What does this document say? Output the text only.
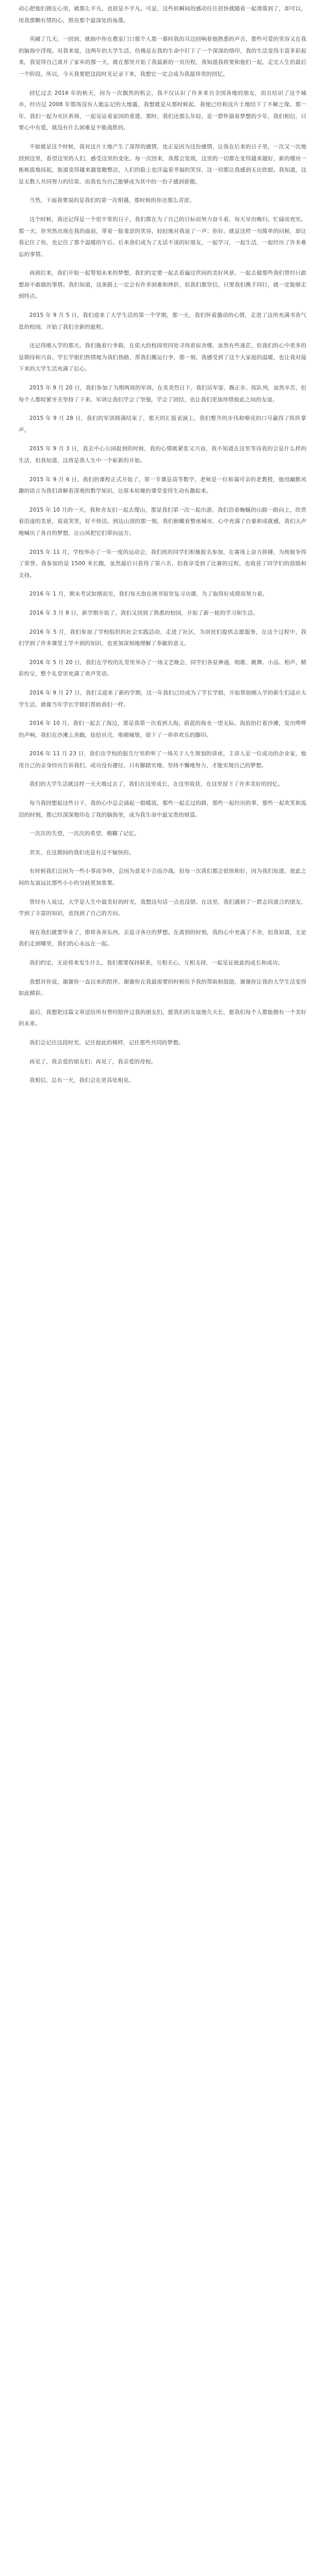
动心把他们拥在心里，就那么平凡，也很是不平凡。可是，这些转瞬间的感动往往很快就随着一起滑落到了，却可以，用我那颗有情的心，照亮那个最深处的角落。

英國了几天。一回到，就抽中你在教室门口那个人那一幕时我的耳边回响着他熟悉的声音，那些可爱的笑容又在我的脑海中浮现。对我来说，这两年的大学生活，仿佛是在我的生命中打下了一个深深的烙印，我的生活变得丰富多彩起来，我觉得自己离开了家乡的那一天，就在那里开始了我最新的一页历程，我知道我将要和他们一起，走完人生的最后一个阶段。所以，今天我要把这段时光记录下来，我想它一定会成为我最珍贵的回忆。

回忆过去 2016 年的秋天，因为一次偶然的机会，我不仅认识了许多来自全国各地的朋友，而且结识了这个城市，经历过 2008 年那场没有人能忘记的大地震，我想就是从那时候起，我便已经和这片土地结下了不解之缘。那一年，我们一起为灾区祈祷，一起见证着家园的重建，那时，我们还那么年轻，是一群怀揣着梦想的少年，我们相信，只要心中有爱，就没有什么困难是不能战胜的。

不如就是这个时候，我对这片土地产生了深厚的感情，也正是因为这份感情，让我在后来的日子里，一次又一次地回到这里，看望这里的人们，感受这里的变化。每一次回来，我都会发现，这里的一切都在变得越来越好，新的楼房一栋栋拔地而起，街道变得越来越宽敞整洁，人们的脸上也洋溢着幸福的笑容，这一切都让我感到无比欣慰。我知道，这是无数人共同努力的结果，而我也为自己能够成为其中的一份子感到骄傲。

当然，下面我要说的是我们的第一次相遇，那时候的你还那么青涩。

这个时候，我还记得是一个很平常的日子，我们都在为了自己的目标而努力奋斗着，每天早出晚归，忙碌而充实。那一天，你突然出现在我的面前，带着一脸羞涩的笑容，轻轻地对我说了一声：你好。就是这样一句简单的问候，却让我记住了你，也记住了那个温暖的午后。后来我们成为了无话不谈的好朋友，一起学习，一起生活，一起经历了许多难忘的事情。

再到后来，我们开始一起筹划未来的梦想，我们约定要一起去看遍这世间的美好风景，一起去做那些我们曾经只敢想却不敢做的事情。我们知道，这条路上一定会有许多困难和挫折，但我们都坚信，只要我们携手同行，就一定能够走到终点。

2015 年 9 月 5 日，我们迎来了大学生活的第一个学期，那一天，我们怀着激动的心情，走进了这所充满书香气息的校园，开始了我们全新的旅程。

还记得刚入学的那天，我们拖着行李箱，在偌大的校园里四处寻找着宿舍楼，虽然有些迷茫，但我们的心中更多的是期待和兴奋。学长学姐们热情地为我们指路，帮我们搬运行李，那一刻，我感受到了这个大家庭的温暖，也让我对接下来的大学生活充满了信心。

2015 年 9 月 20 日，我们参加了为期两周的军训，在炎炎烈日下，我们站军姿、踢正步、练队列，虽然辛苦，但每个人都咬紧牙关坚持了下来。军训让我们学会了坚强，学会了团结，也让我们更加珍惜彼此之间的友谊。

2015 年 9 月 28 日，我们的军训圆满结束了，那天的汇报表演上，我们整齐的步伐和嘹亮的口号赢得了阵阵掌声。

2015 年 9 月 3 日，我去中心公园报到的时候，我的心情既紧张又兴奋，我不知道在这里等待我的会是什么样的生活，但我知道，这将是我人生中一个崭新的开始。

2015 年 9 月 6 日，我们的课程正式开始了，第一节课是高等数学，老师是一位和蔼可亲的老教授，他用幽默风趣的语言为我们讲解着深奥的数学知识，让原本枯燥的课堂变得生动有趣起来。

2015 年 10 月的一天，我和舍友们一起去爬山，那是我们第一次一起出游，我们沿着蜿蜒的山路一路向上，欣赏着沿途的美景，说说笑笑，好不快活。到达山顶的那一刻，我们俯瞰着整座城市，心中充满了自豪和成就感，我们大声地喊出了各自的梦想，让山风把它们带向远方。

2015 年 11 月，学校举办了一年一度的运动会，我们班的同学们积极报名参加，在赛场上奋力拼搏，为班级争得了荣誉。我参加的是 1500 米长跑，虽然最后只获得了第六名，但我享受到了比赛的过程，也收获了同学们的鼓励和支持。

2016 年 1 月，期末考试如期而至，我们每天泡在图书馆里复习功课，为了取得好成绩而努力着。

2016 年 3 月 8 日，新学期开始了，我们又回到了熟悉的校园，开始了新一轮的学习和生活。

2016 年 5 月，我们参加了学校组织的社会实践活动，走进了社区，为居民们提供志愿服务，在这个过程中，我们学到了许多课堂上学不到的知识，也更加深刻地理解了奉献的意义。

2016 年 5 月 20 日，我们在学校的礼堂里举办了一场文艺晚会，同学们各显神通，唱歌、跳舞、小品、相声，精彩纷呈，整个礼堂里充满了欢声笑语。

2016 年 9 月 27 日，我们又迎来了新的学期，这一年我们已经成为了学长学姐，开始帮助刚入学的新生们适应大学生活，就像当年学长学姐们帮助我们一样。

2016 年 10 月，我们一起去了海边，那是我第一次看到大海，蔚蓝的海水一望无际，海浪拍打着沙滩，发出哗哗的声响，我们在沙滩上奔跑，捡拾贝壳，堆砌城堡，留下了一串串欢乐的脚印。

2016 年 11 月 23 日，我们在学校的报告厅里聆听了一场关于人生规划的讲座，主讲人是一位成功的企业家，他用自己的亲身经历告诉我们，成功没有捷径，只有脚踏实地、坚持不懈地努力，才能实现自己的梦想。

我们的大学生活就这样一天天地过去了，我们在这里成长，在这里收获，在这里留下了许多美好的回忆。

每当我回想起这些日子，我的心中总会涌起一股暖流，那些一起走过的路，那些一起经历的事，那些一起欢笑和流泪的时刻，都已经深深地印在了我的脑海里，成为我生命中最宝贵的财富。

一次次的失望，一次次的希望，模糊了记忆。

其实，在这期间的我们也是有过不愉快的。

有时候我们会因为一些小事而争吵，会因为意见不合而冷战，但每一次我们都会很快和好，因为我们知道，彼此之间的友谊远比那些小小的分歧更加重要。

曾经有人说过，大学是人生中最美好的时光，我想这句话一点也没错。在这里，我们遇到了一群志同道合的朋友，学到了丰富的知识，也找到了自己的方向。

现在我们就要毕业了，即将各奔东西，去追寻各自的梦想。在离别的时刻，我的心中充满了不舍，但我知道，无论我们走到哪里，我们的心永远在一起。

我们约定，无论将来发生什么，我们都要保持联系，互相关心，互相支持，一起见证彼此的成长和成功。

我想对你说，谢谢你一直以来的陪伴，谢谢你在我最需要的时候给予我的帮助和鼓励，谢谢你让我的大学生活变得如此精彩。

最后，我想把这篇文章送给所有曾经陪伴过我的朋友们，愿我们的友谊地久天长，愿我们每个人都能拥有一个美好的未来。

我们会记住这段时光，记住彼此的模样，记住那些共同的梦想。

再见了，我亲爱的朋友们；再见了，我亲爱的母校。

我相信，总有一天，我们会在更高处相见。
